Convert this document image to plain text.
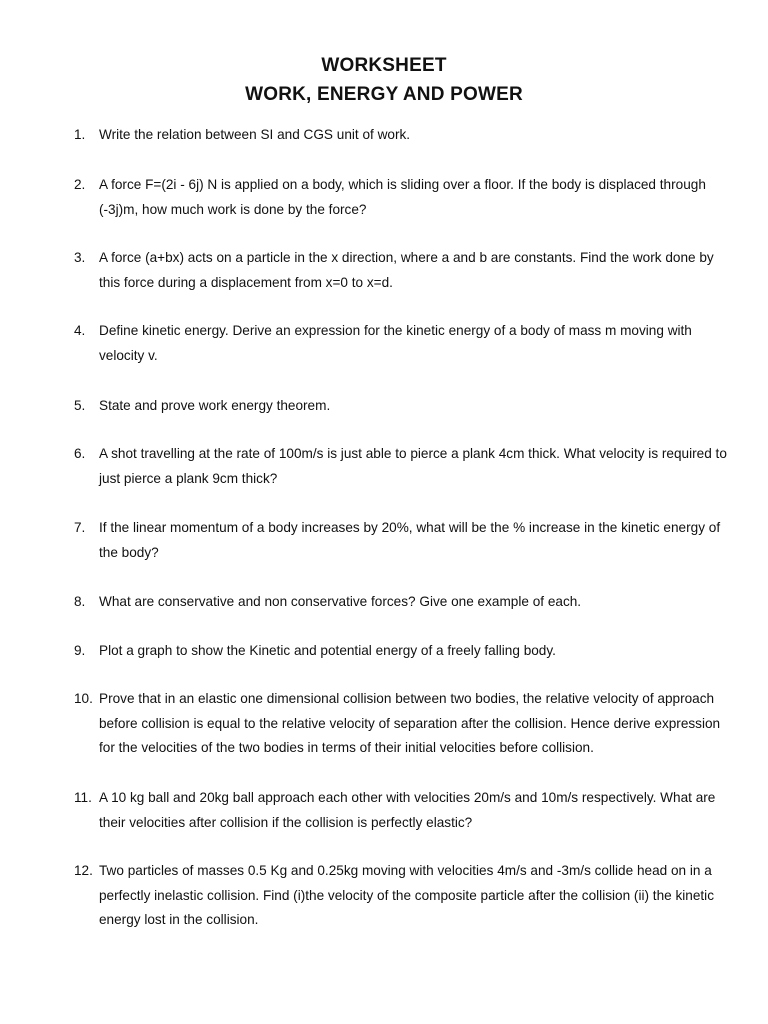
WORKSHEET
WORK, ENERGY AND POWER
1.	Write the relation between SI and CGS unit of work.
2.	A force F=(2i - 6j) N is applied on a body, which is sliding over a floor. If the body is displaced through (-3j)m, how much work is done by the force?
3.	A force (a+bx) acts on a particle in the x direction, where a and b are constants. Find the work done by this force during a displacement from x=0 to x=d.
4.	Define kinetic energy. Derive an expression for the kinetic energy of a body of mass m moving with velocity v.
5.	State and prove work energy theorem.
6.	A shot travelling at the rate of 100m/s is just able to pierce a plank 4cm thick. What velocity is required to just pierce a plank 9cm thick?
7.	If the linear momentum of a body increases by 20%, what will be the % increase in the kinetic energy of the body?
8.	What are conservative and non conservative forces? Give one example of each.
9.	Plot a graph to show the Kinetic and potential energy of a freely falling body.
10. Prove that in an elastic one dimensional collision between two bodies, the relative velocity of approach before collision is equal to the relative velocity of separation after the collision. Hence derive expression for the velocities of the two bodies in terms of their initial velocities before collision.
11. A 10 kg ball and 20kg ball approach each other with velocities 20m/s and 10m/s respectively. What are their velocities after collision if the collision is perfectly elastic?
12. Two particles of masses 0.5 Kg and 0.25kg moving with velocities 4m/s and -3m/s collide head on in a perfectly inelastic collision. Find (i)the velocity of the composite particle after the collision (ii) the kinetic energy lost in the collision.
